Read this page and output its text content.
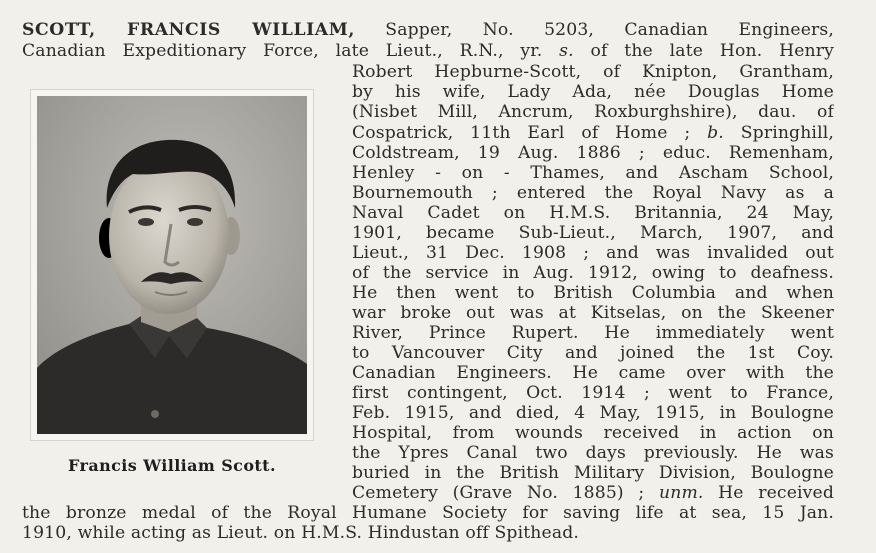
SCOTT, FRANCIS WILLIAM, Sapper, No. 5203, Canadian Engineers,
Canadian Expeditionary Force, late Lieut., R.N., yr. s. of the late Hon. Henry
Robert Hepburne-Scott, of Knipton, Grantham,
by his wife, Lady Ada, née Douglas Home
(Nisbet Mill, Ancrum, Roxburghshire), dau. of
Cospatrick, 11th Earl of Home ; b. Springhill,
Coldstream, 19 Aug. 1886 ; educ. Remenham,
Henley - on - Thames, and Ascham School,
Bournemouth ; entered the Royal Navy as a
Naval Cadet on H.M.S. Britannia, 24 May,
1901, became Sub-Lieut., March, 1907, and
Lieut., 31 Dec. 1908 ; and was invalided out
of the service in Aug. 1912, owing to deafness.
He then went to British Columbia and when
war broke out was at Kitselas, on the Skeener
River, Prince Rupert. He immediately went
to Vancouver City and joined the 1st Coy.
Canadian Engineers. He came over with the
first contingent, Oct. 1914 ; went to France,
Feb. 1915, and died, 4 May, 1915, in Boulogne
Hospital, from wounds received in action on
the Ypres Canal two days previously. He was
buried in the British Military Division, Boulogne
Cemetery (Grave No. 1885) ; unm. He received
the bronze medal of the Royal Humane Society for saving life at sea, 15 Jan.
1910, while acting as Lieut. on H.M.S. Hindustan off Spithead.
Francis William Scott.
